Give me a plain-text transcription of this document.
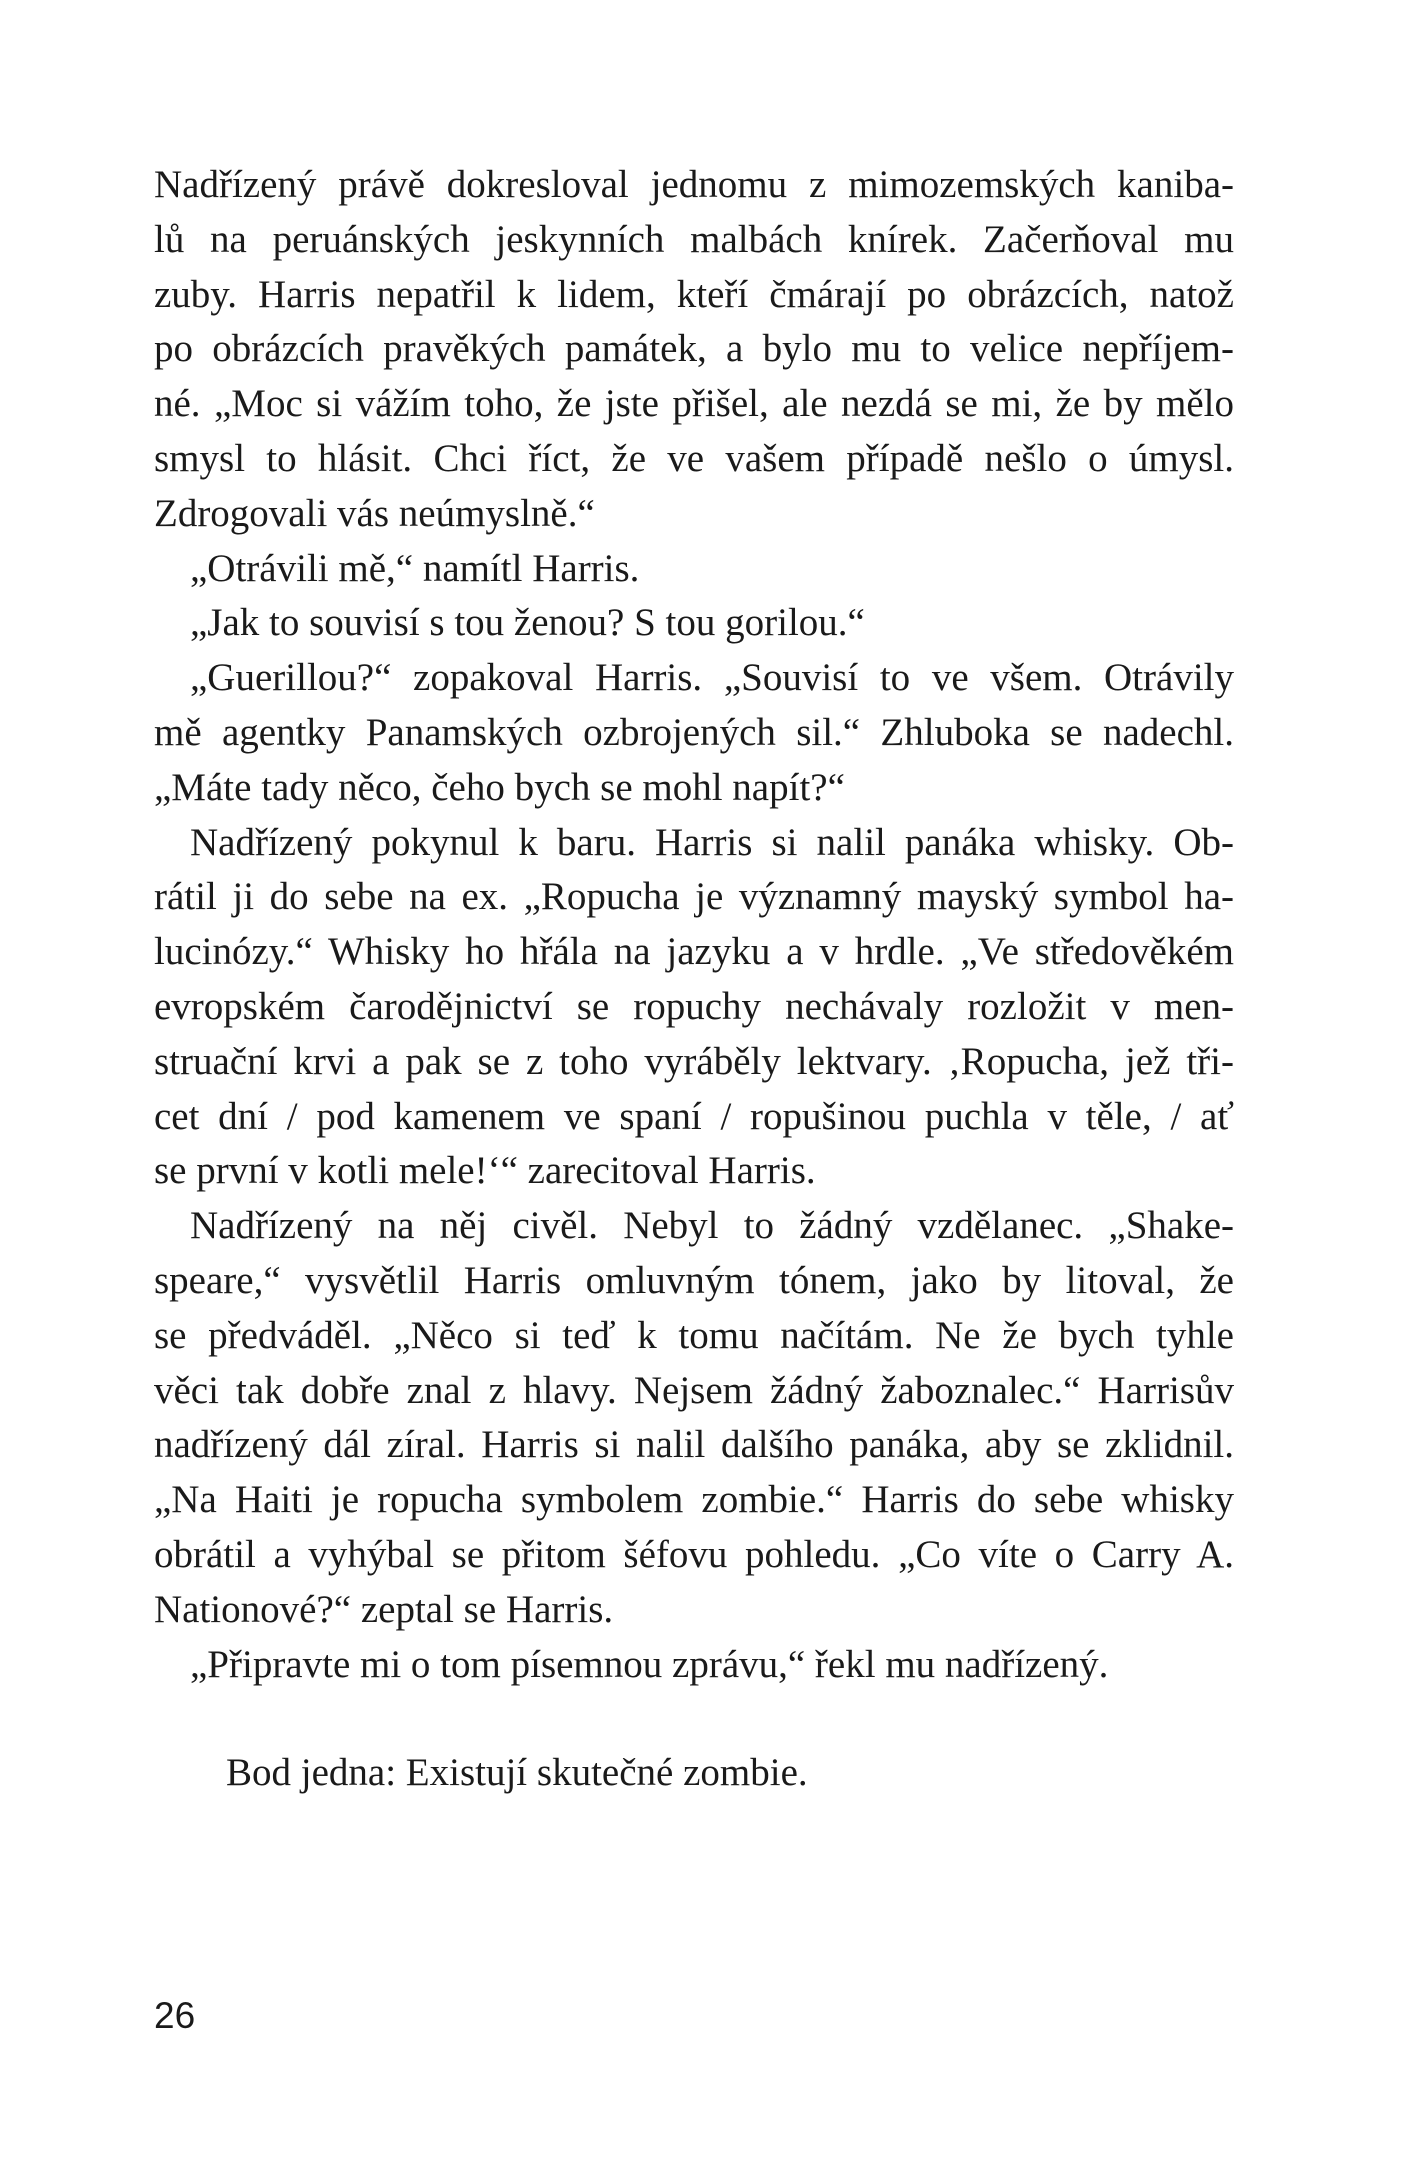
Nadřízený právě dokresloval jednomu z mimozemských kaniba-
lů na peruánských jeskynních malbách knírek. Začerňoval mu
zuby. Harris nepatřil k lidem, kteří čmárají po obrázcích, natož
po obrázcích pravěkých památek, a bylo mu to velice nepříjem-
né. „Moc si vážím toho, že jste přišel, ale nezdá se mi, že by mělo
smysl to hlásit. Chci říct, že ve vašem případě nešlo o úmysl.
Zdrogovali vás neúmyslně.“
„Otrávili mě,“ namítl Harris.
„Jak to souvisí s tou ženou? S tou gorilou.“
„Guerillou?“ zopakoval Harris. „Souvisí to ve všem. Otrávily
mě agentky Panamských ozbrojených sil.“ Zhluboka se nadechl.
„Máte tady něco, čeho bych se mohl napít?“
Nadřízený pokynul k baru. Harris si nalil panáka whisky. Ob-
rátil ji do sebe na ex. „Ropucha je významný mayský symbol ha-
lucinózy.“ Whisky ho hřála na jazyku a v hrdle. „Ve středověkém
evropském čarodějnictví se ropuchy nechávaly rozložit v men-
struační krvi a pak se z toho vyráběly lektvary. ‚Ropucha, jež tři-
cet dní / pod kamenem ve spaní / ropušinou puchla v těle, / ať
se první v kotli mele!‘“ zarecitoval Harris.
Nadřízený na něj civěl. Nebyl to žádný vzdělanec. „Shake-
speare,“ vysvětlil Harris omluvným tónem, jako by litoval, že
se předváděl. „Něco si teď k tomu načítám. Ne že bych tyhle
věci tak dobře znal z hlavy. Nejsem žádný žaboznalec.“ Harrisův
nadřízený dál zíral. Harris si nalil dalšího panáka, aby se zklidnil.
„Na Haiti je ropucha symbolem zombie.“ Harris do sebe whisky
obrátil a vyhýbal se přitom šéfovu pohledu. „Co víte o Carry A.
Nationové?“ zeptal se Harris.
„Připravte mi o tom písemnou zprávu,“ řekl mu nadřízený.
Bod jedna: Existují skutečné zombie.
26
